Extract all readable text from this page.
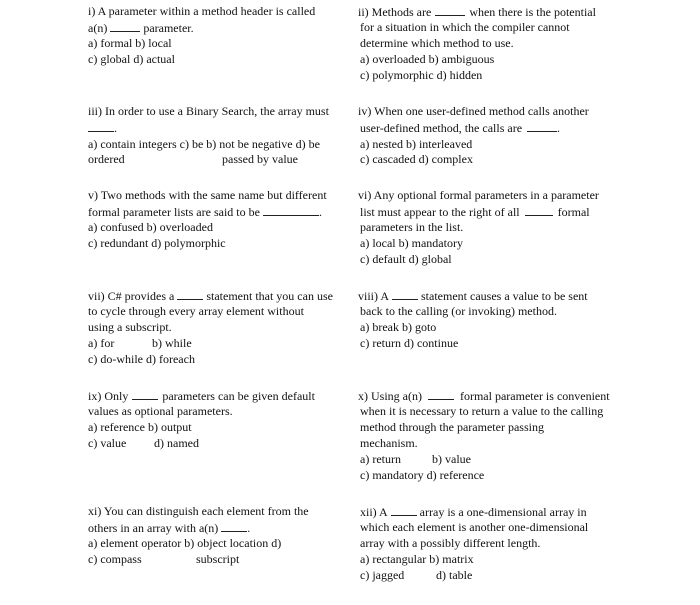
i) A parameter within a method header is called
a(n)	parameter.
a) formal b) local
c) global d) actual
ii) Methods are	when there is the potential
for a situation in which the compiler cannot
determine which method to use.
a) overloaded b) ambiguous
c) polymorphic d) hidden
iii) In order to use a Binary Search, the array must
.
a) contain integers c) be b) not be negative d) be
ordered	passed by value
iv) When one user-defined method calls another
user-defined method, the calls are	.
a) nested b) interleaved
c) cascaded d) complex
v) Two methods with the same name but different
formal parameter lists are said to be	.
a) confused b) overloaded
c) redundant d) polymorphic
vi) Any optional formal parameters in a parameter
list must appear to the right of all	formal
parameters in the list.
a) local b) mandatory
c) default d) global
vii) C# provides a	statement that you can use
to cycle through every array element without
using a subscript.
a) for	b) while
c) do-while d) foreach
viii) A	statement causes a value to be sent
back to the calling (or invoking) method.
a) break b) goto
c) return d) continue
ix) Only	parameters can be given default
values as optional parameters.
a) reference b) output
c) value d) named
x) Using a(n)	formal parameter is convenient
when it is necessary to return a value to the calling
method through the parameter passing
mechanism.
a) return	b) value
c) mandatory d) reference
xi) You can distinguish each element from the
others in an array with a(n) .
a) element operator b) object location d)
c) compass	subscript
xii) A	array is a one-dimensional array in
which each element is another one-dimensional
array with a possibly different length.
a) rectangular b) matrix
c) jagged	d) table
